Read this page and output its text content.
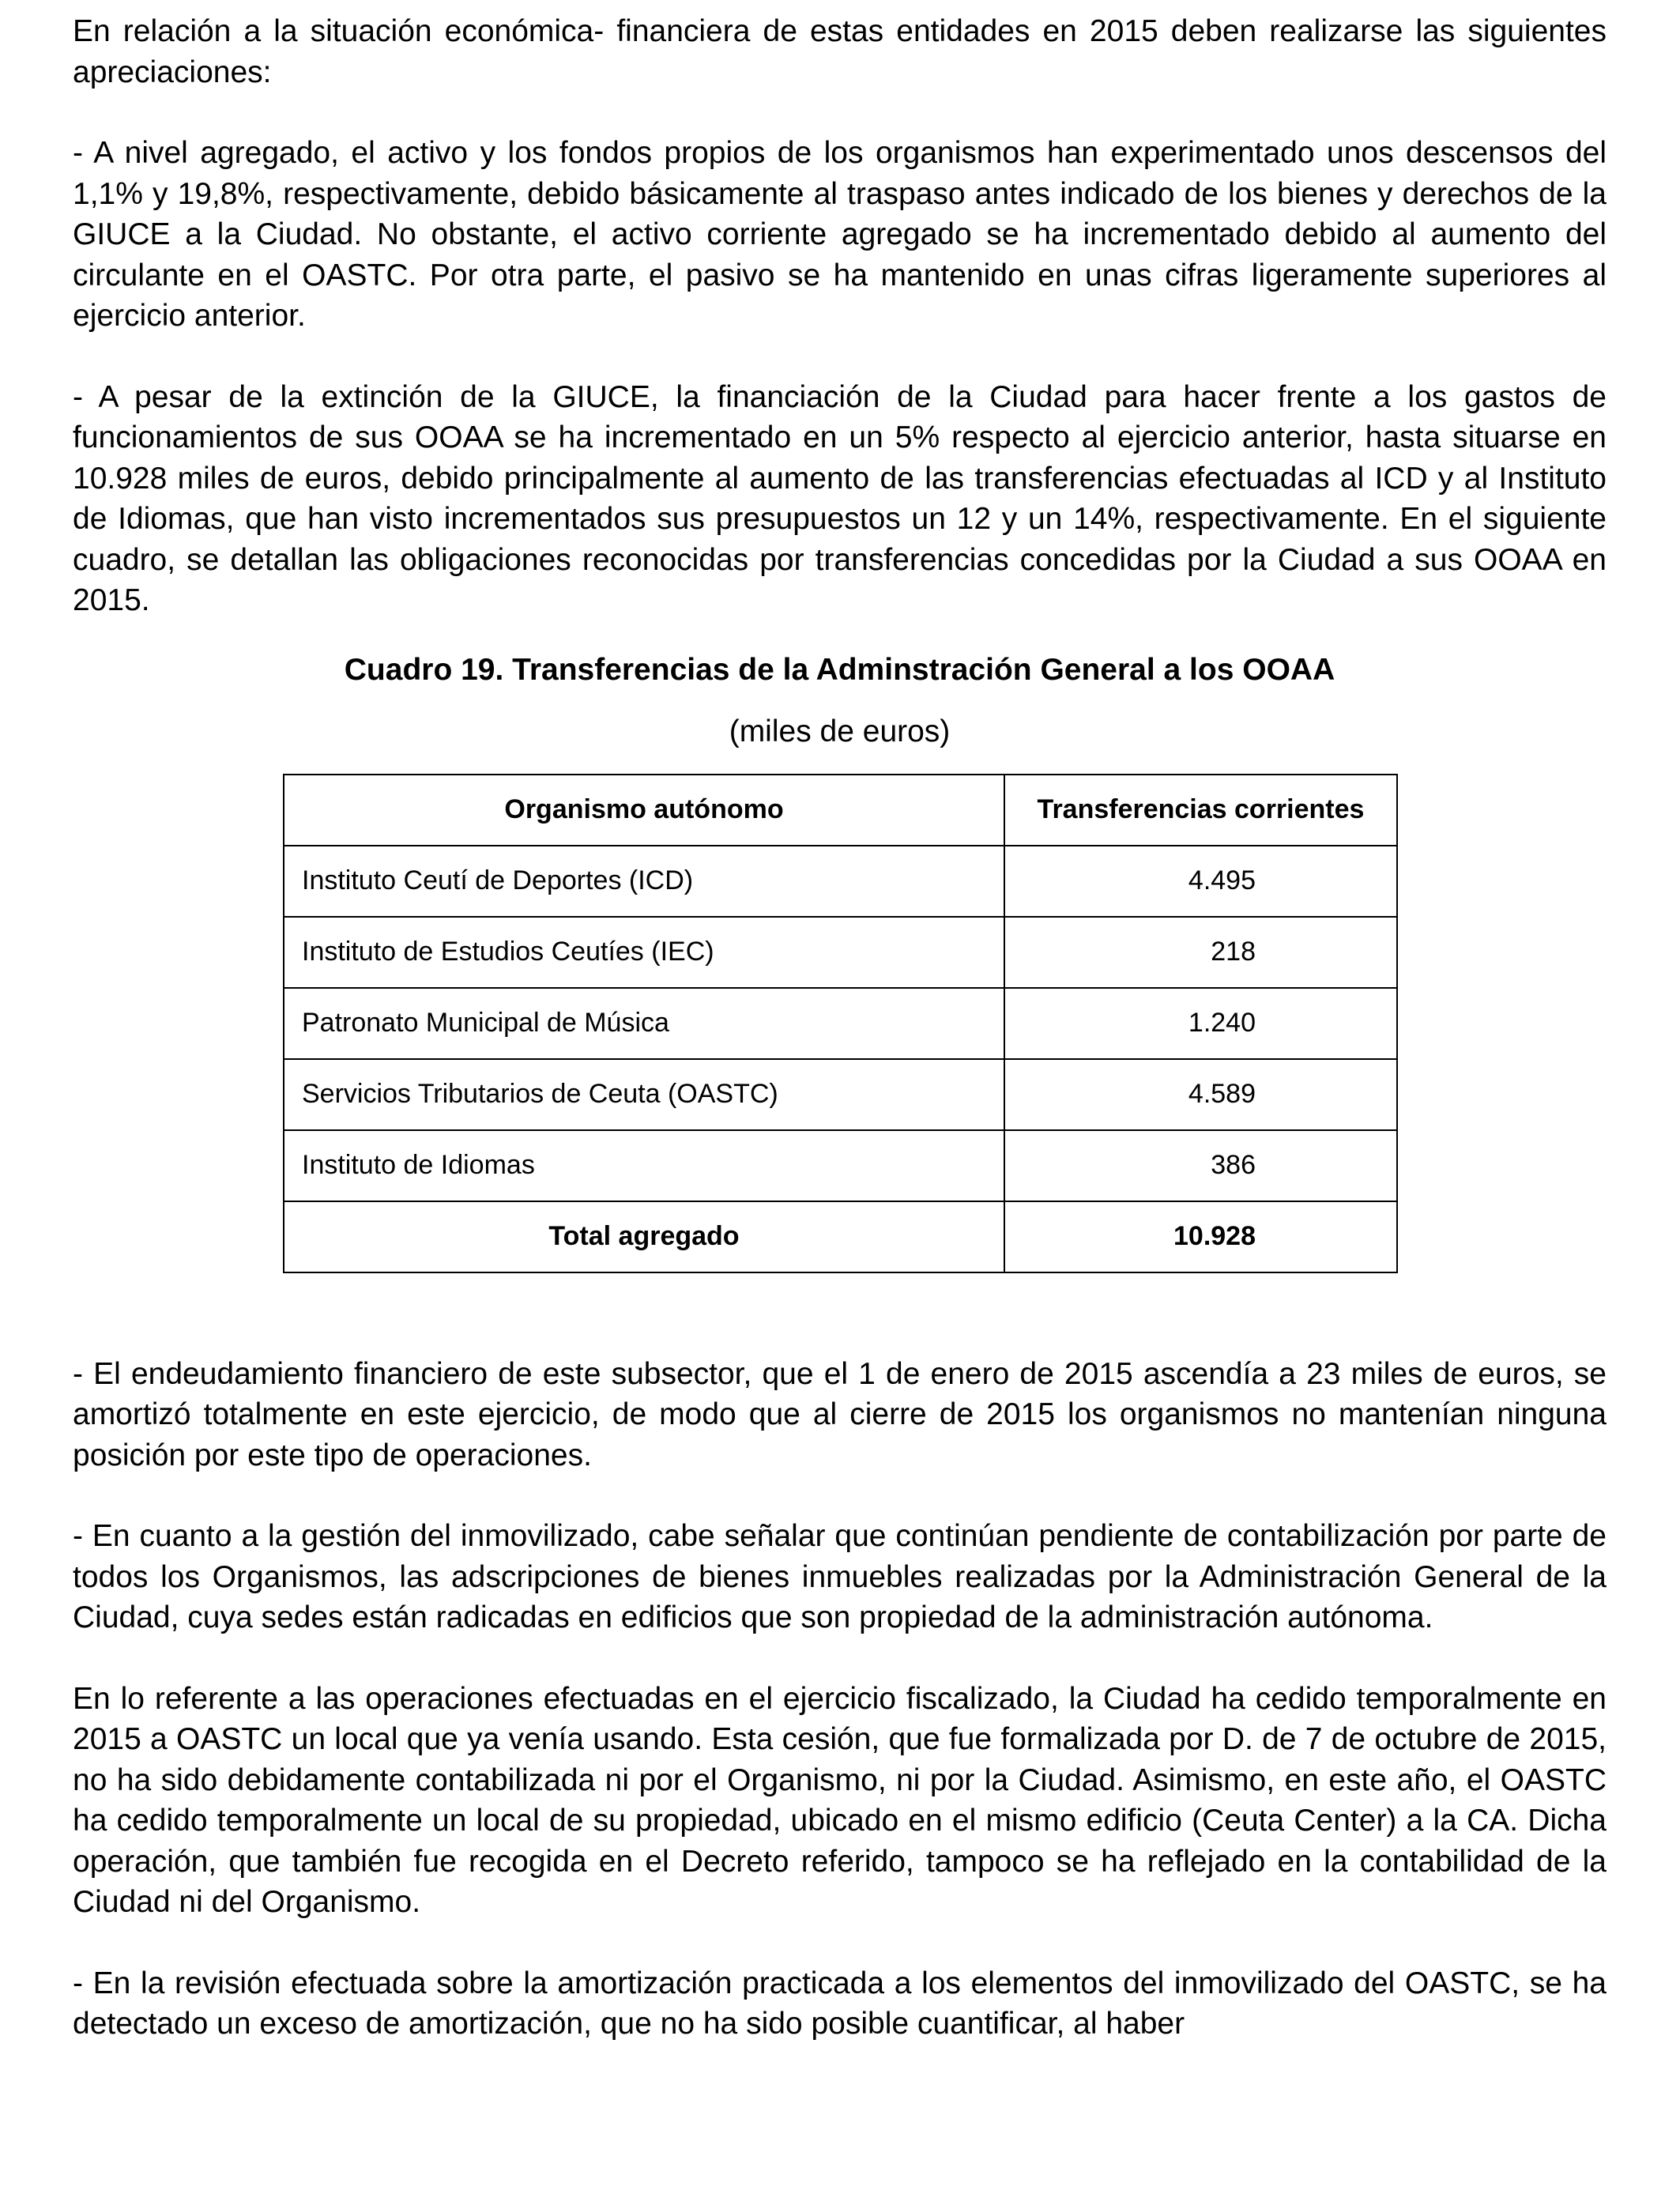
En relación a la situación económica- financiera de estas entidades en 2015 deben realizarse las siguientes apreciaciones:

- A nivel agregado, el activo y los fondos propios de los organismos han experimentado unos descensos del 1,1% y 19,8%, respectivamente, debido básicamente al traspaso antes indicado de los bienes y derechos de la GIUCE a la Ciudad. No obstante, el activo corriente agregado se ha incrementado debido al aumento del circulante en el OASTC. Por otra parte, el pasivo se ha mantenido en unas cifras ligeramente superiores al ejercicio anterior.

- A pesar de la extinción de la GIUCE, la financiación de la Ciudad para hacer frente a los gastos de funcionamientos de sus OOAA se ha incrementado en un 5% respecto al ejercicio anterior, hasta situarse en 10.928 miles de euros, debido principalmente al aumento de las transferencias efectuadas al ICD y al Instituto de Idiomas, que han visto incrementados sus presupuestos un 12 y un 14%, respectivamente. En el siguiente cuadro, se detallan las obligaciones reconocidas por transferencias concedidas por la Ciudad a sus OOAA en 2015.

Cuadro 19. Transferencias de la Adminstración General a los OOAA
(miles de euros)
Organismo autónomo	Transferencias corrientes
Instituto Ceutí de Deportes (ICD)	4.495
Instituto de Estudios Ceutíes (IEC)	218
Patronato Municipal de Música	1.240
Servicios Tributarios de Ceuta (OASTC)	4.589
Instituto de Idiomas	386
Total agregado	10.928

- El endeudamiento financiero de este subsector, que el 1 de enero de 2015 ascendía a 23 miles de euros, se amortizó totalmente en este ejercicio, de modo que al cierre de 2015 los organismos no mantenían ninguna posición por este tipo de operaciones.

- En cuanto a la gestión del inmovilizado, cabe señalar que continúan pendiente de contabilización por parte de todos los Organismos, las adscripciones de bienes inmuebles realizadas por la Administración General de la Ciudad, cuya sedes están radicadas en edificios que son propiedad de la administración autónoma.

En lo referente a las operaciones efectuadas en el ejercicio fiscalizado, la Ciudad ha cedido temporalmente en 2015 a OASTC un local que ya venía usando. Esta cesión, que fue formalizada por D. de 7 de octubre de 2015, no ha sido debidamente contabilizada ni por el Organismo, ni por la Ciudad. Asimismo, en este año, el OASTC ha cedido temporalmente un local de su propiedad, ubicado en el mismo edificio (Ceuta Center) a la CA. Dicha operación, que también fue recogida en el Decreto referido, tampoco se ha reflejado en la contabilidad de la Ciudad ni del Organismo.

- En la revisión efectuada sobre la amortización practicada a los elementos del inmovilizado del OASTC, se ha detectado un exceso de amortización, que no ha sido posible cuantificar, al haber
